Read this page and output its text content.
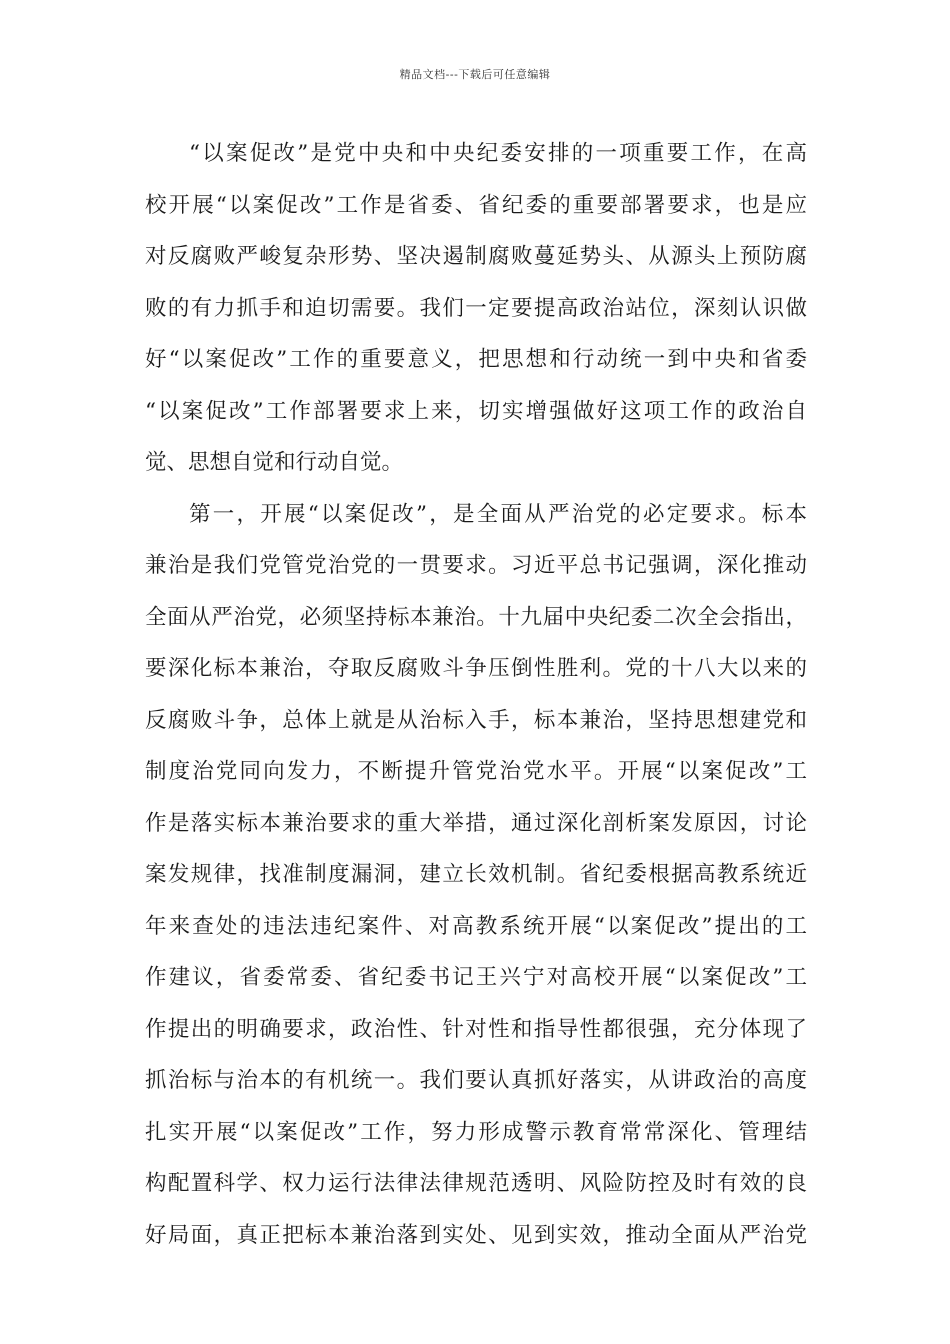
精品文档---下载后可任意编辑
“以案促改”是党中央和中央纪委安排的一项重要工作，在高
校开展“以案促改”工作是省委、省纪委的重要部署要求，也是应
对反腐败严峻复杂形势、坚决遏制腐败蔓延势头、从源头上预防腐
败的有力抓手和迫切需要。我们一定要提高政治站位，深刻认识做
好“以案促改”工作的重要意义，把思想和行动统一到中央和省委
“以案促改”工作部署要求上来，切实增强做好这项工作的政治自
觉、思想自觉和行动自觉。
第一，开展“以案促改”，是全面从严治党的必定要求。标本
兼治是我们党管党治党的一贯要求。习近平总书记强调，深化推动
全面从严治党，必须坚持标本兼治。十九届中央纪委二次全会指出，
要深化标本兼治，夺取反腐败斗争压倒性胜利。党的十八大以来的
反腐败斗争，总体上就是从治标入手，标本兼治，坚持思想建党和
制度治党同向发力，不断提升管党治党水平。开展“以案促改”工
作是落实标本兼治要求的重大举措，通过深化剖析案发原因，讨论
案发规律，找准制度漏洞，建立长效机制。省纪委根据高教系统近
年来查处的违法违纪案件、对高教系统开展“以案促改”提出的工
作建议，省委常委、省纪委书记王兴宁对高校开展“以案促改”工
作提出的明确要求，政治性、针对性和指导性都很强，充分体现了
抓治标与治本的有机统一。我们要认真抓好落实，从讲政治的高度
扎实开展“以案促改”工作，努力形成警示教育常常深化、管理结
构配置科学、权力运行法律法律规范透明、风险防控及时有效的良
好局面，真正把标本兼治落到实处、见到实效，推动全面从严治党
